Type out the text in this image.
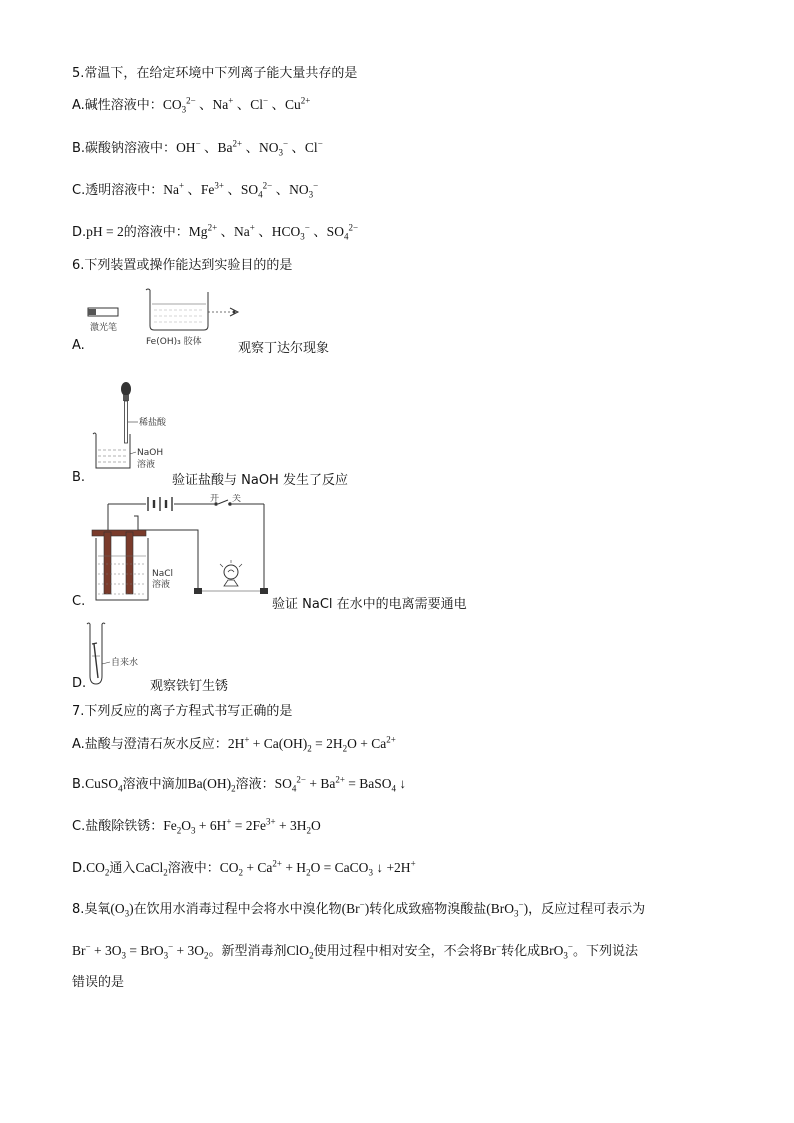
5.常温下，在给定环境中下列离子能大量共存的是
A.碱性溶液中：$CO_3^{2-}$ 、Na+ 、Cl− 、$Cu^{2+}$
B.碳酸钠溶液中：OH− 、$Ba^{2+}$ 、$NO_3^-$ 、Cl−
C.透明溶液中：Na+ 、$Fe^{3+}$ 、$SO_4^{2-}$ 、$NO_3^-$
D.pH = 2的溶液中：$Mg^{2+}$ 、Na+ 、$HCO_3^-$ 、$SO_4^{2-}$
6.下列装置或操作能达到实验目的的是
激光笔
Fe(OH)₃ 胶体
A.	观察丁达尔现象
稀盐酸
NaOH
溶液
B.	验证盐酸与 NaOH 发生了反应
开 关
NaCl
溶液
C.	验证 NaCl 在水中的电离需要通电
自来水
D.	观察铁钉生锈
7.下列反应的离子方程式书写正确的是
A.盐酸与澄清石灰水反应：$2H^+ + Ca(OH)_2 = 2H_2O + Ca^{2+}$
B.CuSO$_4$溶液中滴加$Ba(OH)_2$溶液：$SO_4^{2-} + Ba^{2+}$ = BaSO$_4$ ↓
C.盐酸除铁锈：$Fe_2O_3 + 6H^+ = 2Fe^{3+} + 3H_2O$
$D.CO_2$通入CaCl$_2$溶液中：$CO_2 + Ca^{2+} + H_2O$ = CaCO$_3$ ↓ +2H+
8.臭氧$(O_3)$在饮用水消毒过程中会将水中溴化物(Br−)转化成致癌物溴酸盐(BrO$_3$−)，反应过程可表示为
$Br^- + 3O_3 = BrO_3^- + 3O_2$。新型消毒剂ClO$_2$使用过程中相对安全，不会将Br−转化成BrO$_3$−。下列说法
错误的是
